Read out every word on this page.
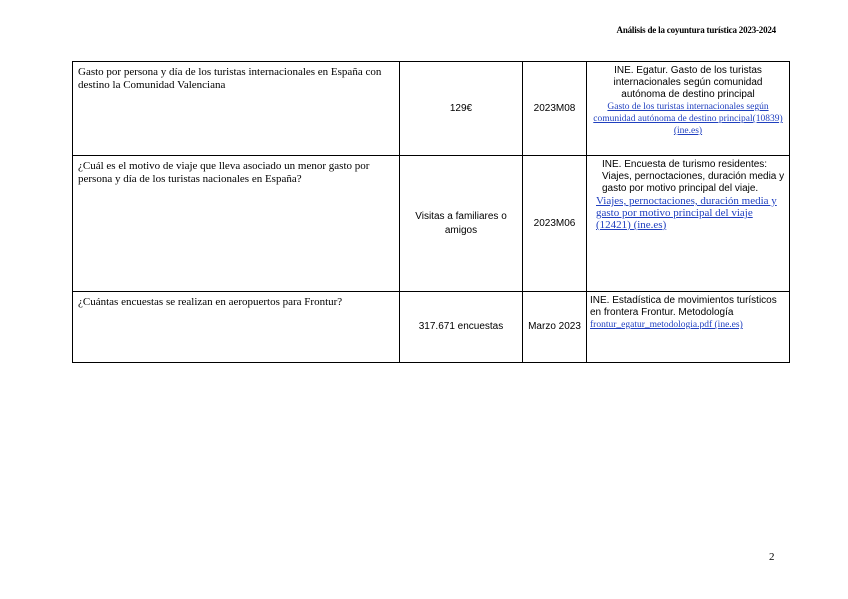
Análisis de la coyuntura turística 2023-2024
Gasto por persona y día de los turistas internacionales en España con destino la Comunidad Valenciana	129€	2023M08	INE. Egatur. Gasto de los turistas internacionales según comunidad autónoma de destino principal
Gasto de los turistas internacionales según comunidad autónoma de destino principal(10839) (ine.es)
¿Cuál es el motivo de viaje que lleva asociado un menor gasto por persona y día de los turistas nacionales en España?	Visitas a familiares o amigos	2023M06	INE. Encuesta de turismo residentes: Viajes, pernoctaciones, duración media y gasto por motivo principal del viaje.
Viajes, pernoctaciones, duración media y gasto por motivo principal del viaje (12421) (ine.es)

¿Cuántas encuestas se realizan en aeropuertos para Frontur?	317.671 encuestas	Marzo 2023	INE. Estadística de movimientos turísticos en frontera Frontur. Metodología
frontur_egatur_metodologia.pdf (ine.es)
2
